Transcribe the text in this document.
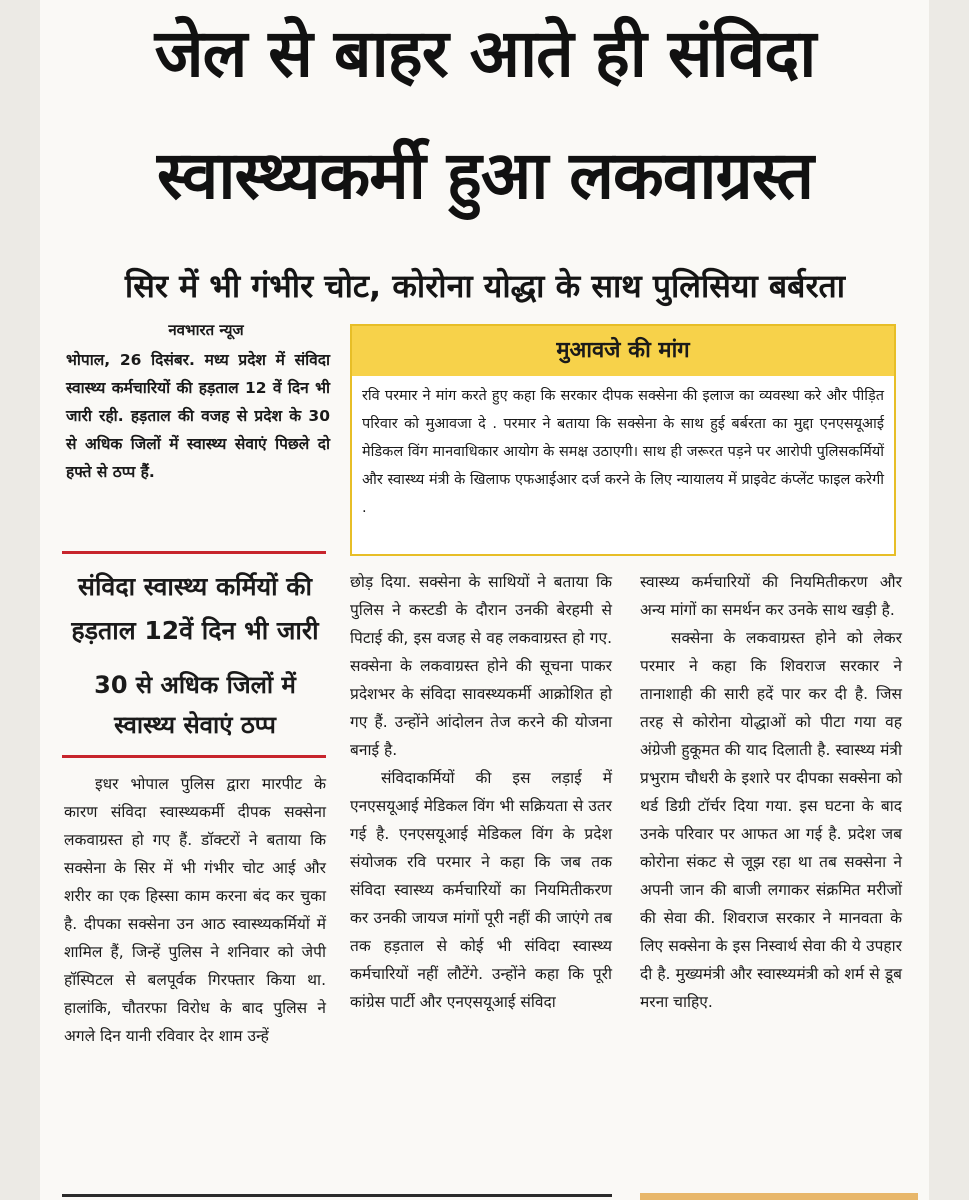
जेल से बाहर आते ही संविदा
स्वास्थ्यकर्मी हुआ लकवाग्रस्त
सिर में भी गंभीर चोट, कोरोना योद्धा के साथ पुलिसिया बर्बरता
नवभारत न्यूज
भोपाल, 26 दिसंबर. मध्य प्रदेश में संविदा स्वास्थ्य कर्मचारियों की हड़ताल 12 वें दिन भी जारी रही. हड़ताल की वजह से प्रदेश के 30 से अधिक जिलों में स्वास्थ्य सेवाएं पिछले दो हफ्ते से ठप्प हैं.
मुआवजे की मांग
रवि परमार ने मांग करते हुए कहा कि सरकार दीपक सक्सेना की इलाज का व्यवस्था करे और पीड़ित परिवार को मुआवजा दे . परमार ने बताया कि सक्सेना के साथ हुई बर्बरता का मुद्दा एनएसयूआई मेडिकल विंग मानवाधिकार आयोग के समक्ष उठाएगी। साथ ही जरूरत पड़ने पर आरोपी पुलिसकर्मियों और स्वास्थ्य मंत्री के खिलाफ एफआईआर दर्ज करने के लिए न्यायालय में प्राइवेट कंप्लेंट फाइल करेगी .
संविदा स्वास्थ्य कर्मियों की
हड़ताल 12वें दिन भी जारी
30 से अधिक जिलों में
स्वास्थ्य सेवाएं ठप्प

इधर भोपाल पुलिस द्वारा मारपीट के कारण संविदा स्वास्थ्यकर्मी दीपक सक्सेना लकवाग्रस्त हो गए हैं. डॉक्टरों ने बताया कि सक्सेना के सिर में भी गंभीर चोट आई और शरीर का एक हिस्सा काम करना बंद कर चुका है. दीपका सक्सेना उन आठ स्वास्थ्यकर्मियों में शामिल हैं, जिन्हें पुलिस ने शनिवार को जेपी हॉस्पिटल से बलपूर्वक गिरफ्तार किया था. हालांकि, चौतरफा विरोध के बाद पुलिस ने अगले दिन यानी रविवार देर शाम उन्हें

छोड़ दिया. सक्सेना के साथियों ने बताया कि पुलिस ने कस्टडी के दौरान उनकी बेरहमी से पिटाई की, इस वजह से वह लकवाग्रस्त हो गए. सक्सेना के लकवाग्रस्त होने की सूचना पाकर प्रदेशभर के संविदा सावस्थ्यकर्मी आक्रोशित हो गए हैं. उन्होंने आंदोलन तेज करने की योजना बनाई है.

संविदाकर्मियों की इस लड़ाई में एनएसयूआई मेडिकल विंग भी सक्रियता से उतर गई है. एनएसयूआई मेडिकल विंग के प्रदेश संयोजक रवि परमार ने कहा कि जब तक संविदा स्वास्थ्य कर्मचारियों का नियमितीकरण कर उनकी जायज मांगों पूरी नहीं की जाएंगे तब तक हड़ताल से कोई भी संविदा स्वास्थ्य कर्मचारियों नहीं लौटेंगे. उन्होंने कहा कि पूरी कांग्रेस पार्टी और एनएसयूआई संविदा

स्वास्थ्य कर्मचारियों की नियमितीकरण और अन्य मांगों का समर्थन कर उनके साथ खड़ी है.

सक्सेना के लकवाग्रस्त होने को लेकर परमार ने कहा कि शिवराज सरकार ने तानाशाही की सारी हदें पार कर दी है. जिस तरह से कोरोना योद्धाओं को पीटा गया वह अंग्रेजी हुकूमत की याद दिलाती है. स्वास्थ्य मंत्री प्रभुराम चौधरी के इशारे पर दीपका सक्सेना को थर्ड डिग्री टॉर्चर दिया गया. इस घटना के बाद उनके परिवार पर आफत आ गई है. प्रदेश जब कोरोना संकट से जूझ रहा था तब सक्सेना ने अपनी जान की बाजी लगाकर संक्रमित मरीजों की सेवा की. शिवराज सरकार ने मानवता के लिए सक्सेना के इस निस्वार्थ सेवा की ये उपहार दी है. मुख्यमंत्री और स्वास्थ्यमंत्री को शर्म से डूब मरना चाहिए.
